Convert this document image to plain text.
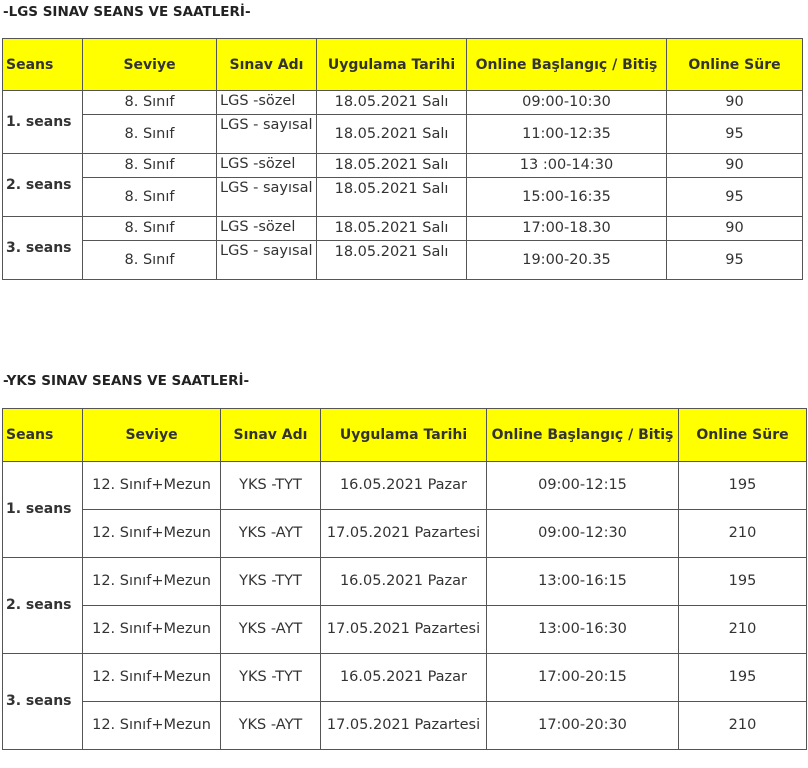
-LGS SINAV SEANS VE SAATLERİ-
Seans	Seviye	Sınav Adı	Uygulama Tarihi	Online Başlangıç / Bitiş	Online Süre
1. seans	8. Sınıf	LGS -sözel	18.05.2021 Salı	09:00-10:30	90
	8. Sınıf	LGS - sayısal	18.05.2021 Salı	11:00-12:35	95
2. seans	8. Sınıf	LGS -sözel	18.05.2021 Salı	13 :00-14:30	90
	8. Sınıf	LGS - sayısal	18.05.2021 Salı	15:00-16:35	95
3. seans	8. Sınıf	LGS -sözel	18.05.2021 Salı	17:00-18.30	90
	8. Sınıf	LGS - sayısal	18.05.2021 Salı	19:00-20.35	95
-YKS SINAV SEANS VE SAATLERİ-
Seans	Seviye	Sınav Adı	Uygulama Tarihi	Online Başlangıç / Bitiş	Online Süre
1. seans	12. Sınıf+Mezun	YKS -TYT	16.05.2021 Pazar	09:00-12:15	195
	12. Sınıf+Mezun	YKS -AYT	17.05.2021 Pazartesi	09:00-12:30	210
2. seans	12. Sınıf+Mezun	YKS -TYT	16.05.2021 Pazar	13:00-16:15	195
	12. Sınıf+Mezun	YKS -AYT	17.05.2021 Pazartesi	13:00-16:30	210
3. seans	12. Sınıf+Mezun	YKS -TYT	16.05.2021 Pazar	17:00-20:15	195
	12. Sınıf+Mezun	YKS -AYT	17.05.2021 Pazartesi	17:00-20:30	210
